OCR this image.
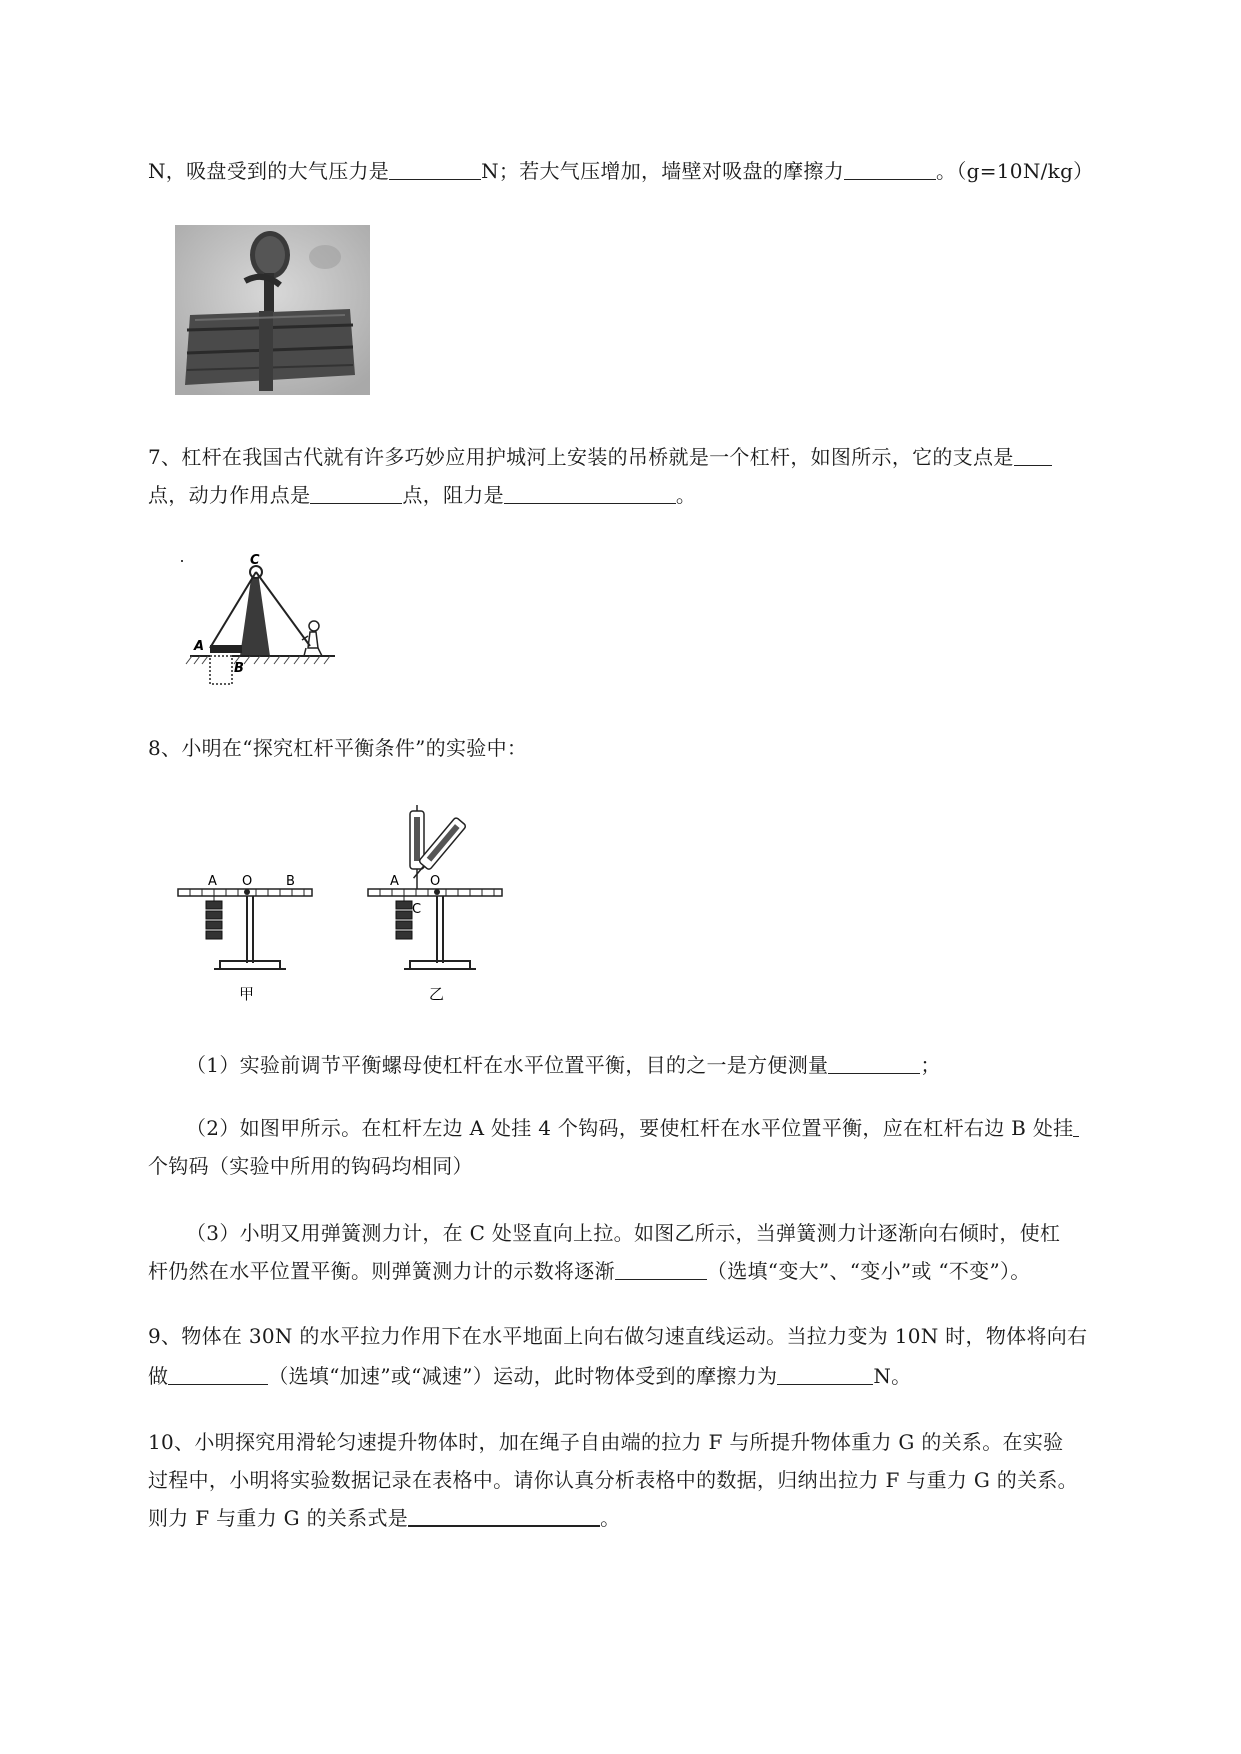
N，吸盘受到的大气压力是	N；若大气压增加，墙壁对吸盘的摩擦力	。（g=10N/kg）
7、杠杆在我国古代就有许多巧妙应用护城河上安装的吊桥就是一个杠杆，如图所示，它的支点是
点，动力作用点是	点，阻力是	。
C
A
B
8、小明在“探究杠杆平衡条件”的实验中：
A O	B
甲
A O
C
乙
（1）实验前调节平衡螺母使杠杆在水平位置平衡，目的之一是方便测量	；
（2）如图甲所示。在杠杆左边 A 处挂 4 个钩码，要使杠杆在水平位置平衡，应在杠杆右边 B 处挂
个钩码（实验中所用的钩码均相同）
（3）小明又用弹簧测力计，在 C 处竖直向上拉。如图乙所示，当弹簧测力计逐渐向右倾时，使杠
杆仍然在水平位置平衡。则弹簧测力计的示数将逐渐	（选填“变大”、“变小”或 “不变”）。
9、物体在 30N 的水平拉力作用下在水平地面上向右做匀速直线运动。当拉力变为 10N 时，物体将向右
做	（选填“加速”或“减速”）运动，此时物体受到的摩擦力为	N。
10、小明探究用滑轮匀速提升物体时，加在绳子自由端的拉力 F 与所提升物体重力 G 的关系。在实验
过程中，小明将实验数据记录在表格中。请你认真分析表格中的数据，归纳出拉力 F 与重力 G 的关系。
则力 F 与重力 G 的关系式是	。
